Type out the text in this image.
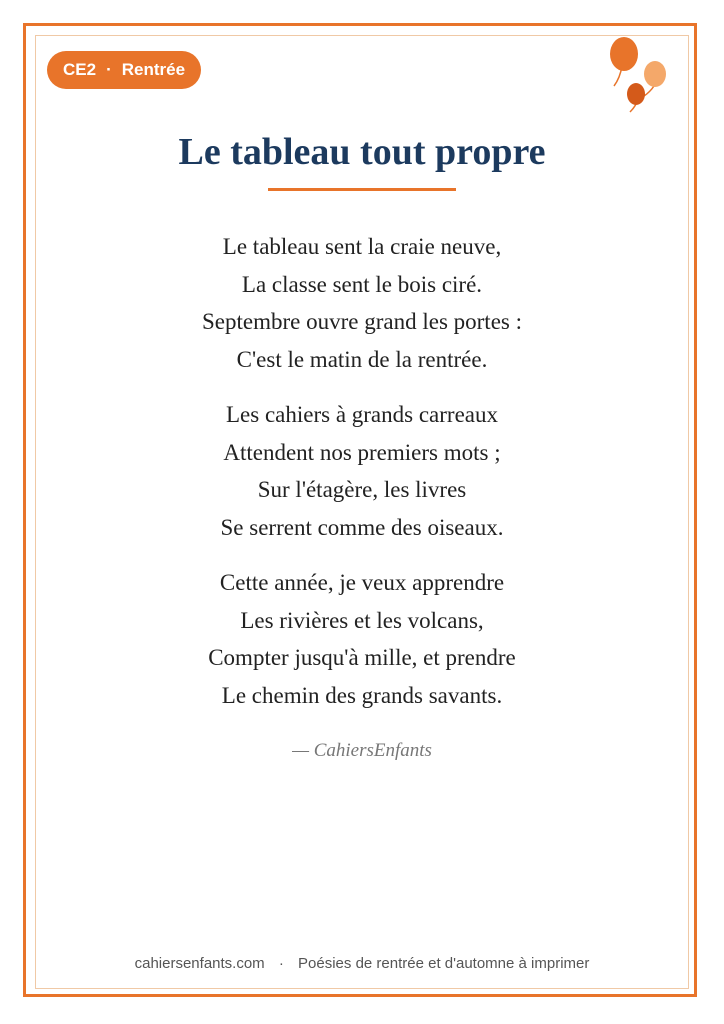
CE2 · Rentrée
Le tableau tout propre
Le tableau sent la craie neuve,
La classe sent le bois ciré.
Septembre ouvre grand les portes :
C'est le matin de la rentrée.
Les cahiers à grands carreaux
Attendent nos premiers mots ;
Sur l'étagère, les livres
Se serrent comme des oiseaux.
Cette année, je veux apprendre
Les rivières et les volcans,
Compter jusqu'à mille, et prendre
Le chemin des grands savants.
— CahiersEnfants
cahiersenfants.com · Poésies de rentrée et d'automne à imprimer
